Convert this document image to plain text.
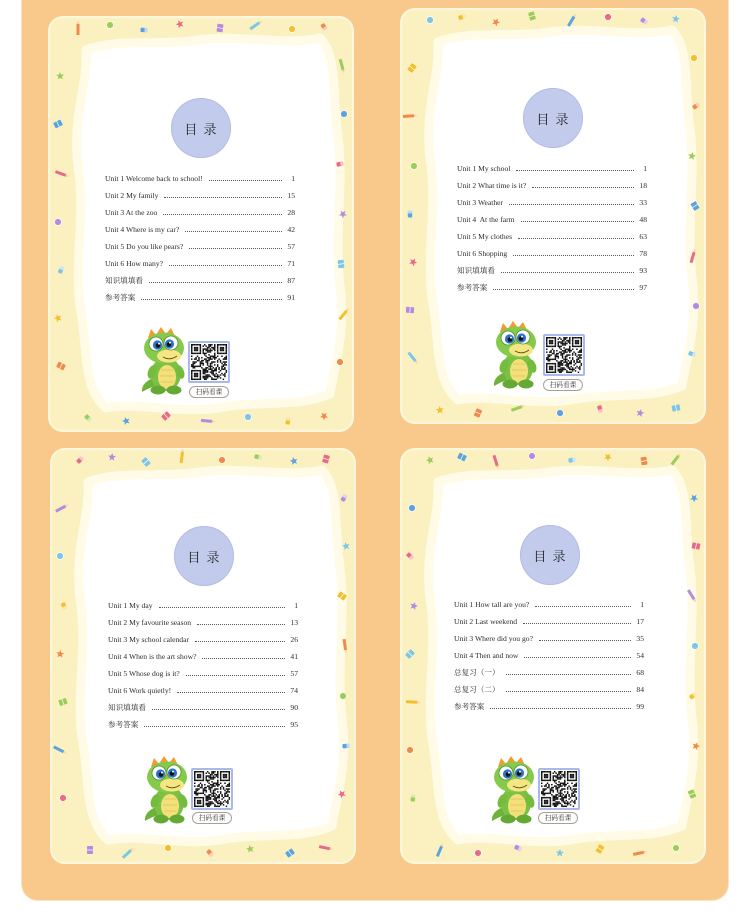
目 录
Unit 1 Welcome back to school!	1
Unit 2 My family	15
Unit 3 At the zoo	28
Unit 4 Where is my car?	42
Unit 5 Do you like pears?	57
Unit 6 How many?	71
知识填填看	87
参考答案	91
扫码看课
目 录
Unit 1 My school	1
Unit 2 What time is it?	18
Unit 3 Weather	33
Unit 4  At the farm	48
Unit 5 My clothes	63
Unit 6 Shopping	78
知识填填看	93
参考答案	97
扫码看课
目 录
Unit 1 My day	1
Unit 2 My favourite season	13
Unit 3 My school calendar	26
Unit 4 When is the art show?	41
Unit 5 Whose dog is it?	57
Unit 6 Work quietly!	74
知识填填看	90
参考答案	95
扫码看课
目 录
Unit 1 How tall are you?	1
Unit 2 Last weekend	17
Unit 3 Where did you go?	35
Unit 4 Then and now	54
总复习（一）	68
总复习（二）	84
参考答案	99
扫码看课
